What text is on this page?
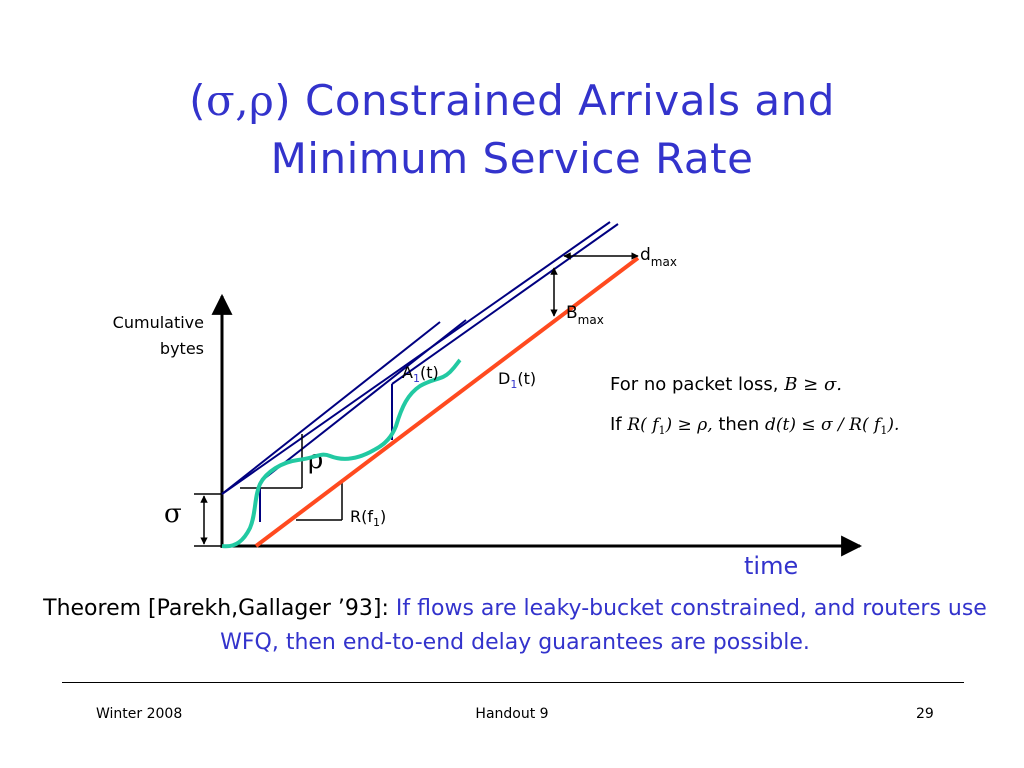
(σ,ρ) Constrained Arrivals and
Minimum Service Rate
Cumulative
bytes
σ
ρ
$R(f_1)$
$B_{max}$
$d_{max}$
$A_1(t)$	$D_1(t)$	For no packet loss, B ≥ σ.
If R( $f_1) \ge \rho$, then d(t) ≤ σ / R( $f_1$).
time
Theorem [Parekh,Gallager ’93]: If flows are leaky-bucket constrained, and routers use WFQ, then end-to-end delay guarantees are possible.
Winter 2008	Handout 9	29
